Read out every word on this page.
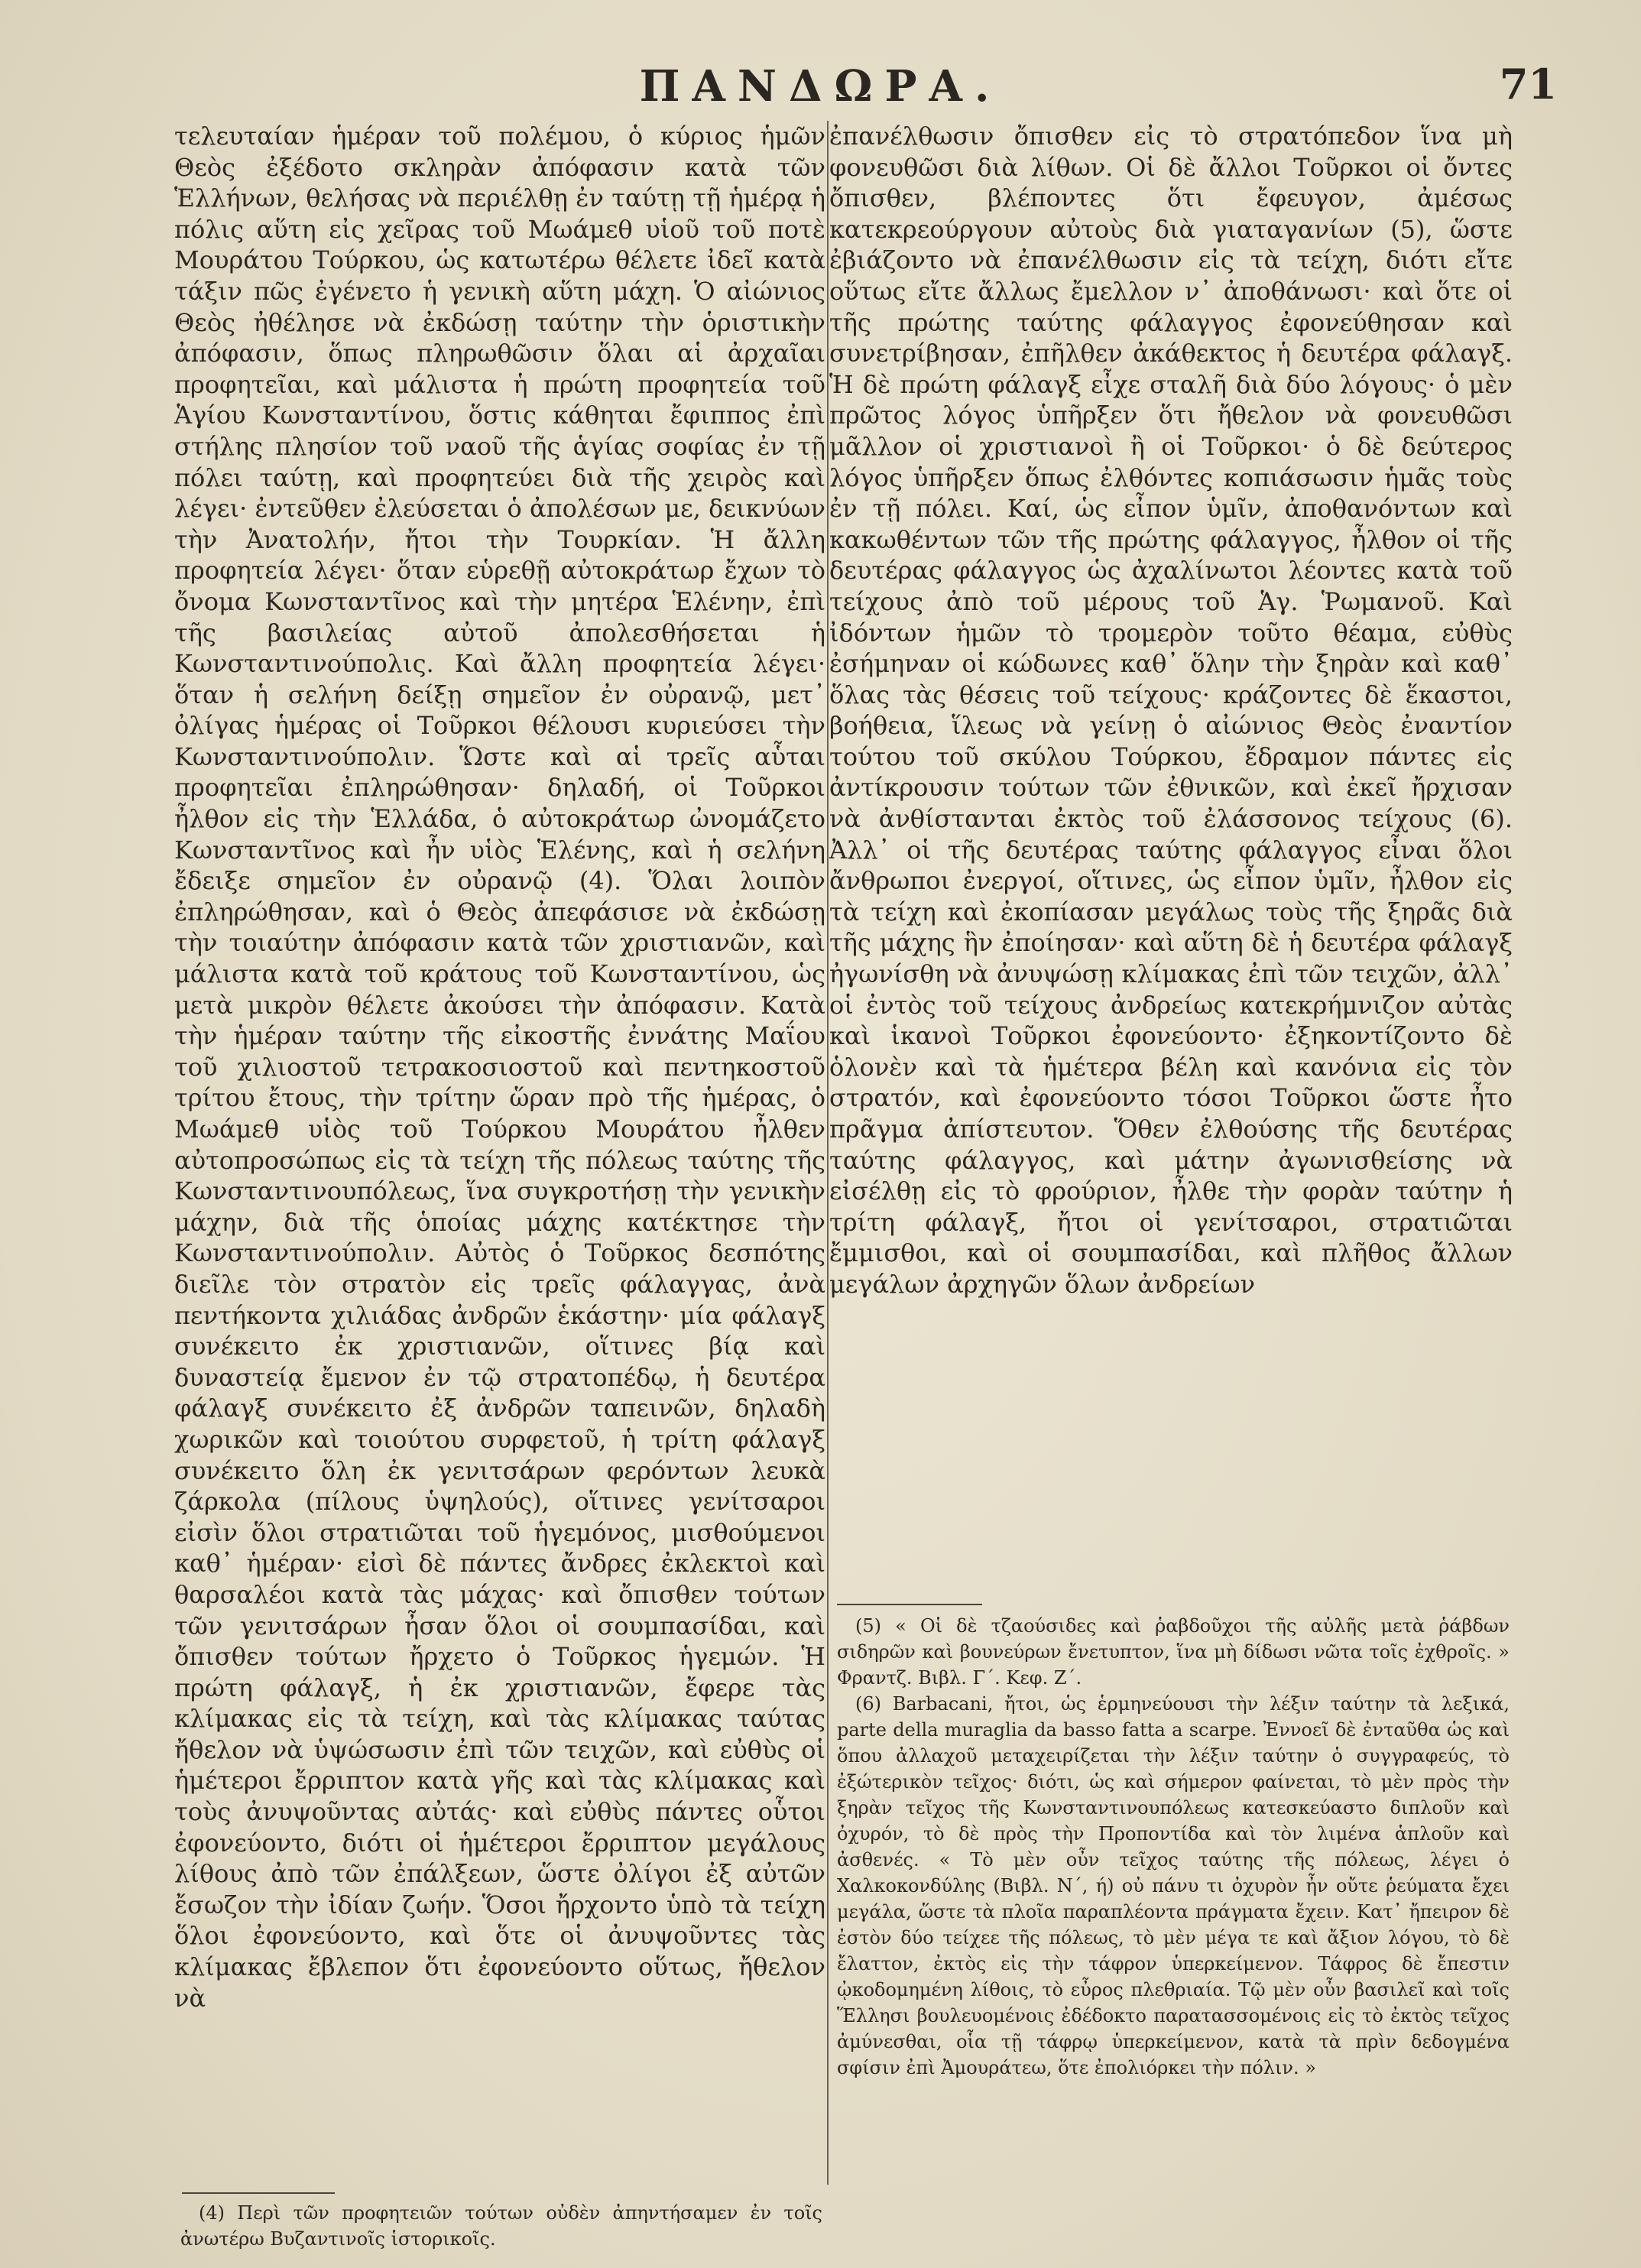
ΠΑΝΔΩΡΑ.	71

τελευταίαν ἡμέραν τοῦ πολέμου, ὁ κύριος ἡμῶν Θεὸς ἐξέδοτο σκληρὰν ἀπόφασιν κατὰ τῶν Ἑλλήνων, θελήσας νὰ περιέλθῃ ἐν ταύτῃ τῇ ἡμέρᾳ ἡ πόλις αὕτη εἰς χεῖρας τοῦ Μωάμεθ υἱοῦ τοῦ ποτὲ Μουράτου Τούρκου, ὡς κατωτέρω θέλετε ἰδεῖ κατὰ τάξιν πῶς ἐγένετο ἡ γενικὴ αὕτη μάχη. Ὁ αἰώνιος Θεὸς ἠθέλησε νὰ ἐκδώσῃ ταύτην τὴν ὁριστικὴν ἀπόφασιν, ὅπως πληρωθῶσιν ὅλαι αἱ ἀρχαῖαι προφητεῖαι, καὶ μάλιστα ἡ πρώτη προφητεία τοῦ Ἁγίου Κωνσταντίνου, ὅστις κάθηται ἔφιππος ἐπὶ στήλης πλησίον τοῦ ναοῦ τῆς ἁγίας σοφίας ἐν τῇ πόλει ταύτῃ, καὶ προφητεύει διὰ τῆς χειρὸς καὶ λέγει· ἐντεῦθεν ἐλεύσεται ὁ ἀπολέσων με, δεικνύων τὴν Ἀνατολήν, ἤτοι τὴν Τουρκίαν. Ἡ ἄλλη προφητεία λέγει· ὅταν εὑρεθῇ αὐτοκράτωρ ἔχων τὸ ὄνομα Κωνσταντῖνος καὶ τὴν μητέρα Ἑλένην, ἐπὶ τῆς βασιλείας αὐτοῦ ἀπολεσθήσεται ἡ Κωνσταντινούπολις. Καὶ ἄλλη προφητεία λέγει· ὅταν ἡ σελήνη δείξῃ σημεῖον ἐν οὐρανῷ, μετ᾽ ὀλίγας ἡμέρας οἱ Τοῦρκοι θέλουσι κυριεύσει τὴν Κωνσταντινούπολιν. Ὥστε καὶ αἱ τρεῖς αὗται προφητεῖαι ἐπληρώθησαν· δηλαδή, οἱ Τοῦρκοι ἦλθον εἰς τὴν Ἑλλάδα, ὁ αὐτοκράτωρ ὠνομάζετο Κωνσταντῖνος καὶ ἦν υἱὸς Ἑλένης, καὶ ἡ σελήνη ἔδειξε σημεῖον ἐν οὐρανῷ (4). Ὅλαι λοιπὸν ἐπληρώθησαν, καὶ ὁ Θεὸς ἀπεφάσισε νὰ ἐκδώσῃ τὴν τοιαύτην ἀπόφασιν κατὰ τῶν χριστιανῶν, καὶ μάλιστα κατὰ τοῦ κράτους τοῦ Κωνσταντίνου, ὡς μετὰ μικρὸν θέλετε ἀκούσει τὴν ἀπόφασιν. Κατὰ τὴν ἡμέραν ταύτην τῆς εἰκοστῆς ἐννάτης Μαΐου τοῦ χιλιοστοῦ τετρακοσιοστοῦ καὶ πεντηκοστοῦ τρίτου ἔτους, τὴν τρίτην ὥραν πρὸ τῆς ἡμέρας, ὁ Μωάμεθ υἱὸς τοῦ Τούρκου Μουράτου ἦλθεν αὐτοπροσώπως εἰς τὰ τείχη τῆς πόλεως ταύτης τῆς Κωνσταντινουπόλεως, ἵνα συγκροτήσῃ τὴν γενικὴν μάχην, διὰ τῆς ὁποίας μάχης κατέκτησε τὴν Κωνσταντινούπολιν. Αὐτὸς ὁ Τοῦρκος δεσπότης διεῖλε τὸν στρατὸν εἰς τρεῖς φάλαγγας, ἀνὰ πεντήκοντα χιλιάδας ἀνδρῶν ἑκάστην· μία φάλαγξ συνέκειτο ἐκ χριστιανῶν, οἵτινες βίᾳ καὶ δυναστείᾳ ἔμενον ἐν τῷ στρατοπέδῳ, ἡ δευτέρα φάλαγξ συνέκειτο ἐξ ἀνδρῶν ταπεινῶν, δηλαδὴ χωρικῶν καὶ τοιούτου συρφετοῦ, ἡ τρίτη φάλαγξ συνέκειτο ὅλη ἐκ γενιτσάρων φερόντων λευκὰ ζάρκολα (πίλους ὑψηλούς), οἵτινες γενίτσαροι εἰσὶν ὅλοι στρατιῶται τοῦ ἡγεμόνος, μισθούμενοι καθ᾽ ἡμέραν· εἰσὶ δὲ πάντες ἄνδρες ἐκλεκτοὶ καὶ θαρσαλέοι κατὰ τὰς μάχας· καὶ ὄπισθεν τούτων τῶν γενιτσάρων ἦσαν ὅλοι οἱ σουμπασίδαι, καὶ ὄπισθεν τούτων ἤρχετο ὁ Τοῦρκος ἡγεμών. Ἡ πρώτη φάλαγξ, ἡ ἐκ χριστιανῶν, ἔφερε τὰς κλίμακας εἰς τὰ τείχη, καὶ τὰς κλίμακας ταύτας ἤθελον νὰ ὑψώσωσιν ἐπὶ τῶν τειχῶν, καὶ εὐθὺς οἱ ἡμέτεροι ἔρριπτον κατὰ γῆς καὶ τὰς κλίμακας καὶ τοὺς ἀνυψοῦντας αὐτάς· καὶ εὐθὺς πάντες οὗτοι ἐφονεύοντο, διότι οἱ ἡμέτεροι ἔρριπτον μεγάλους λίθους ἀπὸ τῶν ἐπάλξεων, ὥστε ὀλίγοι ἐξ αὐτῶν ἔσωζον τὴν ἰδίαν ζωήν. Ὅσοι ἤρχοντο ὑπὸ τὰ τείχη ὅλοι ἐφονεύοντο, καὶ ὅτε οἱ ἀνυψοῦντες τὰς κλίμακας ἔβλεπον ὅτι ἐφονεύοντο οὕτως, ἤθελον νὰ

ἐπανέλθωσιν ὄπισθεν εἰς τὸ στρατόπεδον ἵνα μὴ φονευθῶσι διὰ λίθων. Οἱ δὲ ἄλλοι Τοῦρκοι οἱ ὄντες ὄπισθεν, βλέποντες ὅτι ἔφευγον, ἀμέσως κατεκρεούργουν αὐτοὺς διὰ γιαταγανίων (5), ὥστε ἐβιάζοντο νὰ ἐπανέλθωσιν εἰς τὰ τείχη, διότι εἴτε οὕτως εἴτε ἄλλως ἔμελλον ν᾽ ἀποθάνωσι· καὶ ὅτε οἱ τῆς πρώτης ταύτης φάλαγγος ἐφονεύθησαν καὶ συνετρίβησαν, ἐπῆλθεν ἀκάθεκτος ἡ δευτέρα φάλαγξ. Ἡ δὲ πρώτη φάλαγξ εἶχε σταλῆ διὰ δύο λόγους· ὁ μὲν πρῶτος λόγος ὑπῆρξεν ὅτι ἤθελον νὰ φονευθῶσι μᾶλλον οἱ χριστιανοὶ ἢ οἱ Τοῦρκοι· ὁ δὲ δεύτερος λόγος ὑπῆρξεν ὅπως ἐλθόντες κοπιάσωσιν ἡμᾶς τοὺς ἐν τῇ πόλει. Καί, ὡς εἶπον ὑμῖν, ἀποθανόντων καὶ κακωθέντων τῶν τῆς πρώτης φάλαγγος, ἦλθον οἱ τῆς δευτέρας φάλαγγος ὡς ἀχαλίνωτοι λέοντες κατὰ τοῦ τείχους ἀπὸ τοῦ μέρους τοῦ Ἁγ. Ῥωμανοῦ. Καὶ ἰδόντων ἡμῶν τὸ τρομερὸν τοῦτο θέαμα, εὐθὺς ἐσήμηναν οἱ κώδωνες καθ᾽ ὅλην τὴν ξηρὰν καὶ καθ᾽ ὅλας τὰς θέσεις τοῦ τείχους· κράζοντες δὲ ἕκαστοι, βοήθεια, ἵλεως νὰ γείνῃ ὁ αἰώνιος Θεὸς ἐναντίον τούτου τοῦ σκύλου Τούρκου, ἔδραμον πάντες εἰς ἀντίκρουσιν τούτων τῶν ἐθνικῶν, καὶ ἐκεῖ ἤρχισαν νὰ ἀνθίστανται ἐκτὸς τοῦ ἐλάσσονος τείχους (6). Ἀλλ᾽ οἱ τῆς δευτέρας ταύτης φάλαγγος εἶναι ὅλοι ἄνθρωποι ἐνεργοί, οἵτινες, ὡς εἶπον ὑμῖν, ἦλθον εἰς τὰ τείχη καὶ ἐκοπίασαν μεγάλως τοὺς τῆς ξηρᾶς διὰ τῆς μάχης ἣν ἐποίησαν· καὶ αὕτη δὲ ἡ δευτέρα φάλαγξ ἠγωνίσθη νὰ ἀνυψώσῃ κλίμακας ἐπὶ τῶν τειχῶν, ἀλλ᾽ οἱ ἐντὸς τοῦ τείχους ἀνδρείως κατεκρήμνιζον αὐτὰς καὶ ἱκανοὶ Τοῦρκοι ἐφονεύοντο· ἐξηκοντίζοντο δὲ ὁλονὲν καὶ τὰ ἡμέτερα βέλη καὶ κανόνια εἰς τὸν στρατόν, καὶ ἐφονεύοντο τόσοι Τοῦρκοι ὥστε ἦτο πρᾶγμα ἀπίστευτον. Ὅθεν ἐλθούσης τῆς δευτέρας ταύτης φάλαγγος, καὶ μάτην ἀγωνισθείσης νὰ εἰσέλθῃ εἰς τὸ φρούριον, ἦλθε τὴν φορὰν ταύτην ἡ τρίτη φάλαγξ, ἤτοι οἱ γενίτσαροι, στρατιῶται ἔμμισθοι, καὶ οἱ σουμπασίδαι, καὶ πλῆθος ἄλλων μεγάλων ἀρχηγῶν ὅλων ἀνδρείων

(4) Περὶ τῶν προφητειῶν τούτων οὐδὲν ἀπηντήσαμεν ἐν τοῖς ἀνωτέρω Βυζαντινοῖς ἱστορικοῖς.

(5) « Οἱ δὲ τζαούσιδες καὶ ῥαβδοῦχοι τῆς αὐλῆς μετὰ ῥάβδων σιδηρῶν καὶ βουνεύρων ἔνετυπτον, ἵνα μὴ δίδωσι νῶτα τοῖς ἐχθροῖς. » Φραντζ. Βιβλ. Γ΄. Κεφ. Ζ΄.

(6) Barbacani, ἤτοι, ὡς ἑρμηνεύουσι τὴν λέξιν ταύτην τὰ λεξικά, parte della muraglia da basso fatta a scarpe. Ἐννοεῖ δὲ ἐνταῦθα ὡς καὶ ὅπου ἀλλαχοῦ μεταχειρίζεται τὴν λέξιν ταύτην ὁ συγγραφεύς, τὸ ἐξώτερικὸν τεῖχος· διότι, ὡς καὶ σήμερον φαίνεται, τὸ μὲν πρὸς τὴν ξηρὰν τεῖχος τῆς Κωνσταντινουπόλεως κατεσκεύαστο διπλοῦν καὶ ὀχυρόν, τὸ δὲ πρὸς τὴν Προποντίδα καὶ τὸν λιμένα ἁπλοῦν καὶ ἀσθενές. « Τὸ μὲν οὖν τεῖχος ταύτης τῆς πόλεως, λέγει ὁ Χαλκοκονδύλης (Βιβλ. Ν΄, ή) οὐ πάνυ τι ὀχυρὸν ἦν οὔτε ῥεύματα ἔχει μεγάλα, ὥστε τὰ πλοῖα παραπλέοντα πράγματα ἔχειν. Κατ᾽ ἤπειρον δὲ ἐστὸν δύο τείχεε τῆς πόλεως, τὸ μὲν μέγα τε καὶ ἄξιον λόγου, τὸ δὲ ἔλαττον, ἐκτὸς εἰς τὴν τάφρον ὑπερκείμενον. Τάφρος δὲ ἔπεστιν ᾠκοδομημένη λίθοις, τὸ εὖρος πλεθριαία. Τῷ μὲν οὖν βασιλεῖ καὶ τοῖς Ἕλλησι βουλευομένοις ἐδέδοκτο παρατασσομένοις εἰς τὸ ἐκτὸς τεῖχος ἀμύνεσθαι, οἷα τῇ τάφρῳ ὑπερκείμενον, κατὰ τὰ πρὶν δεδογμένα σφίσιν ἐπὶ Ἀμουράτεω, ὅτε ἐπολιόρκει τὴν πόλιν. »
